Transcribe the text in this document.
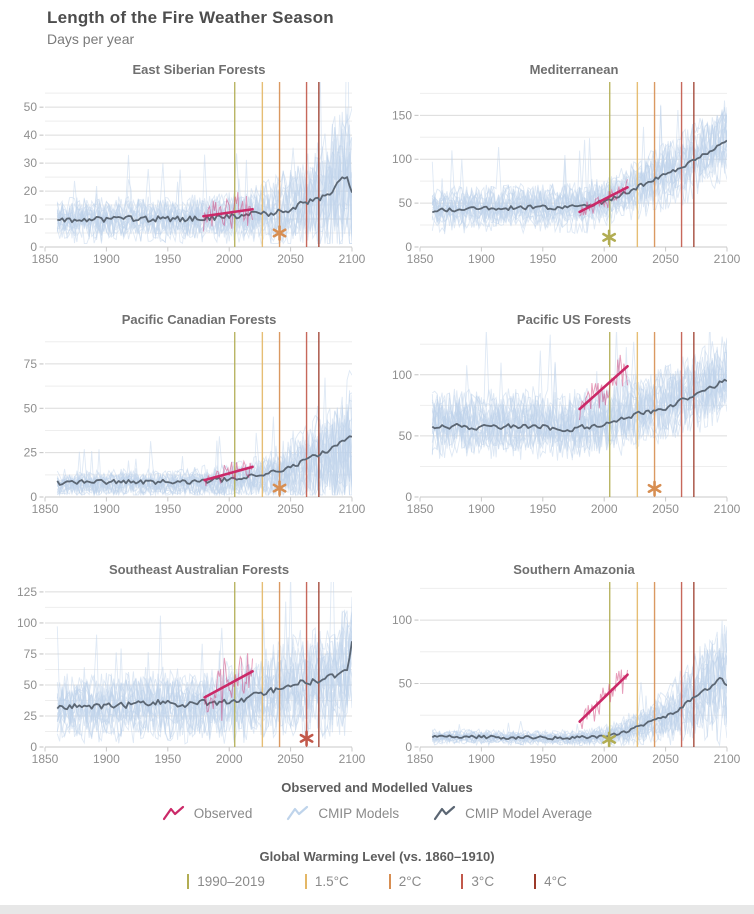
Length of the Fire Weather Season
Days per year
East Siberian Forests
0
10
20
30
40
50
1850	1900	1950	2000	2050	2100
Mediterranean
0
50
100
150
1850	1900	1950	2000	2050	2100
Pacific Canadian Forests
0
25
50
75
1850	1900	1950	2000	2050	2100
Pacific US Forests
0
50
100
1850	1900	1950	2000	2050	2100
Southeast Australian Forests
0
25
50
75
100
125
1850	1900	1950	2000	2050	2100
Southern Amazonia
0
50
100
1850	1900	1950	2000	2050	2100
Observed and Modelled Values
Observed	CMIP Models	CMIP Model Average
Global Warming Level (vs. 1860–1910)
1990–2019	1.5°C	2°C	3°C	4°C
